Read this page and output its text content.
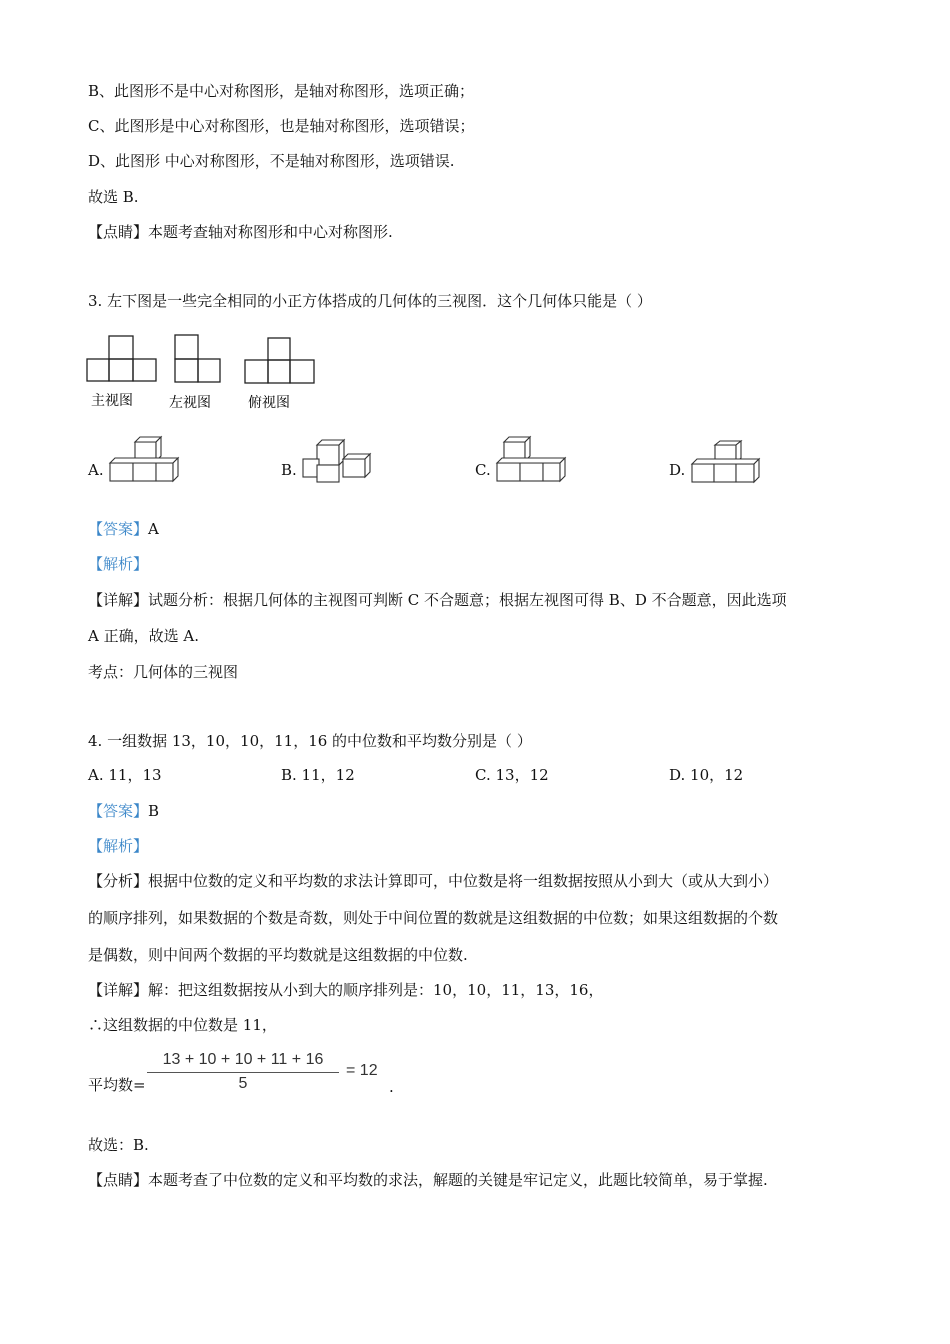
B、此图形不是中心对称图形，是轴对称图形，选项正确；
C、此图形是中心对称图形，也是轴对称图形，选项错误；
D、此图形 中心对称图形，不是轴对称图形，选项错误.
故选 B.
【点睛】本题考查轴对称图形和中心对称图形.
3. 左下图是一些完全相同的小正方体搭成的几何体的三视图．这个几何体只能是（ ）
主视图	左视图	俯视图
A.	B.	C.	D.
【答案】A
【解析】
【详解】试题分析：根据几何体的主视图可判断 C 不合题意；根据左视图可得 B、D 不合题意，因此选项
A 正确，故选 A.
考点：几何体的三视图
4. 一组数据 13，10，10，11，16 的中位数和平均数分别是（ ）
A. 11，13	B. 11，12	C. 13，12	D. 10，12
【答案】B
【解析】
【分析】根据中位数的定义和平均数的求法计算即可，中位数是将一组数据按照从小到大（或从大到小）
的顺序排列，如果数据的个数是奇数，则处于中间位置的数就是这组数据的中位数；如果这组数据的个数
是偶数，则中间两个数据的平均数就是这组数据的中位数.
【详解】解：把这组数据按从小到大的顺序排列是：10，10，11，13，16，
∴这组数据的中位数是 11，
平均数=
13 + 10 + 10 + 11 + 16
5
= 12
.
故选：B.
【点睛】本题考查了中位数的定义和平均数的求法，解题的关键是牢记定义，此题比较简单，易于掌握.
